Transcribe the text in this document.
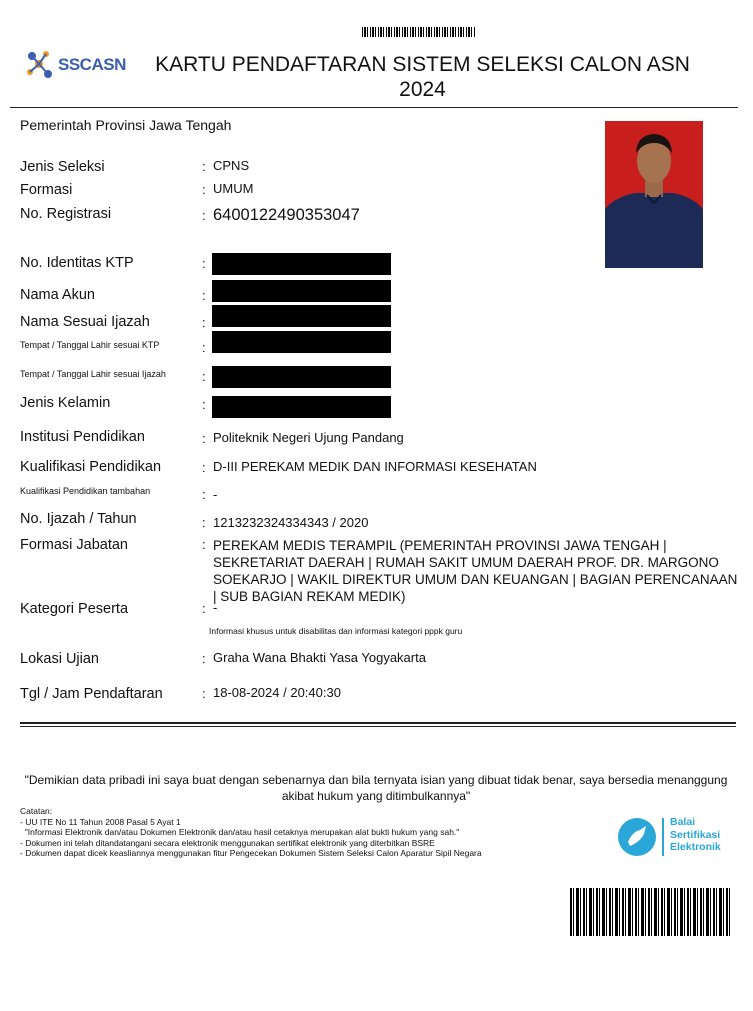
SSCASN KARTU PENDAFTARAN SISTEM SELEKSI CALON ASN
2024
Pemerintah Provinsi Jawa Tengah
Jenis Seleksi	: CPNS
Formasi	: UMUM
No. Registrasi	: 6400122490353047
No. Identitas KTP	:
Nama Akun	:
Nama Sesuai Ijazah	:
Tempat / Tanggal Lahir sesuai KTP	:
Tempat / Tanggal Lahir sesuai Ijazah	:
Jenis Kelamin	:
Institusi Pendidikan	: Politeknik Negeri Ujung Pandang
Kualifikasi Pendidikan	: D-III PEREKAM MEDIK DAN INFORMASI KESEHATAN
Kualifikasi Pendidikan tambahan	: -
No. Ijazah / Tahun	: 1213232324334343 / 2020
Formasi Jabatan	: PEREKAM MEDIS TERAMPIL (PEMERINTAH PROVINSI JAWA TENGAH | SEKRETARIAT DAERAH | RUMAH SAKIT UMUM DAERAH PROF. DR. MARGONO SOEKARJO | WAKIL DIREKTUR UMUM DAN KEUANGAN | BAGIAN PERENCANAAN | SUB BAGIAN REKAM MEDIK)
Kategori Peserta	: -
Informasi khusus untuk disabilitas dan informasi kategori pppk guru
Lokasi Ujian	: Graha Wana Bhakti Yasa Yogyakarta
Tgl / Jam Pendaftaran	: 18-08-2024 / 20:40:30
"Demikian data pribadi ini saya buat dengan sebenarnya dan bila ternyata isian yang dibuat tidak benar, saya bersedia menanggung akibat hukum yang ditimbulkannya"
Catatan:
- UU ITE No 11 Tahun 2008 Pasal 5 Ayat 1
"Informasi Elektronik dan/atau Dokumen Elektronik dan/atau hasil cetaknya merupakan alat bukti hukum yang sah."
- Dokumen ini telah ditandatangani secara elektronik menggunakan sertifikat elektronik yang diterbitkan BSRE
- Dokumen dapat dicek keasliannya menggunakan fitur Pengecekan Dokumen Sistem Seleksi Calon Aparatur Sipil Negara
Balai
Sertifikasi
Elektronik
